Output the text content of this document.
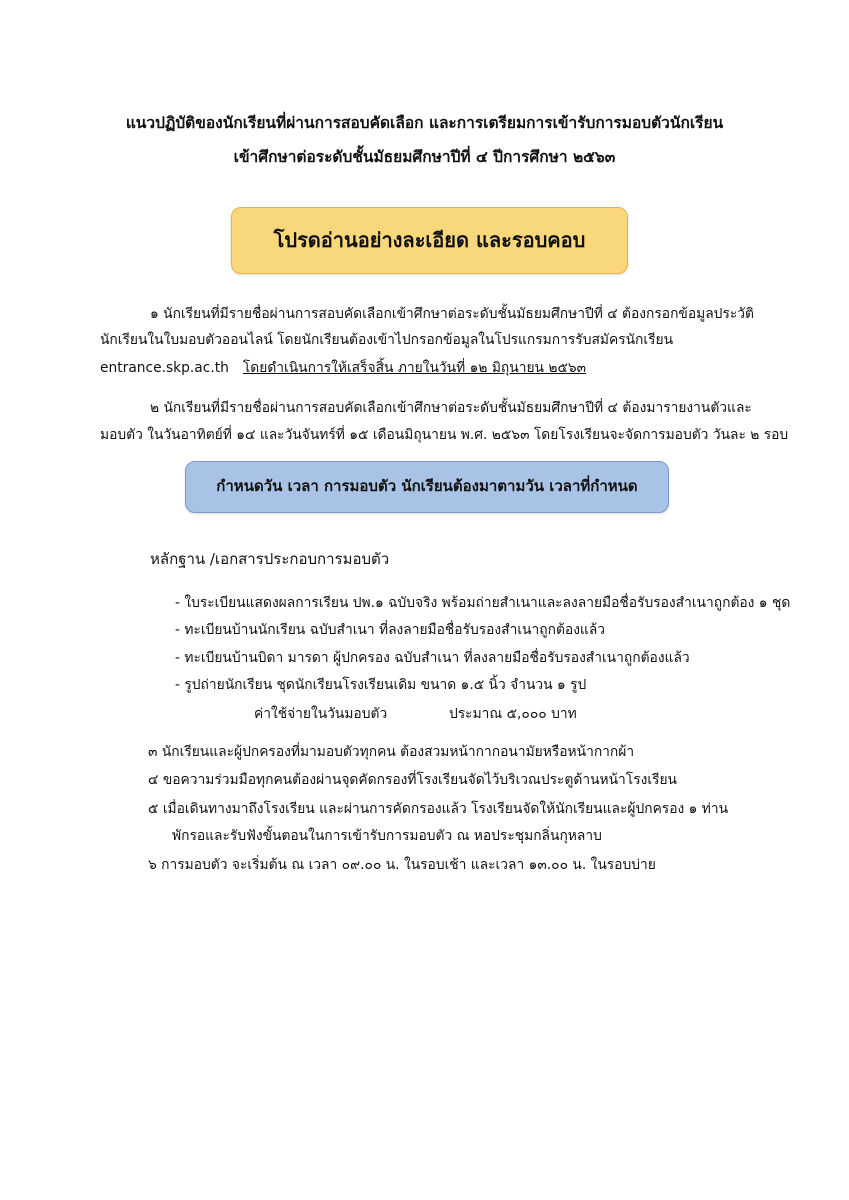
แนวปฏิบัติของนักเรียนที่ผ่านการสอบคัดเลือก และการเตรียมการเข้ารับการมอบตัวนักเรียน
เข้าศึกษาต่อระดับชั้นมัธยมศึกษาปีที่ ๔ ปีการศึกษา ๒๕๖๓
โปรดอ่านอย่างละเอียด และรอบคอบ
๑ นักเรียนที่มีรายชื่อผ่านการสอบคัดเลือกเข้าศึกษาต่อระดับชั้นมัธยมศึกษาปีที่ ๔ ต้องกรอกข้อมูลประวัติ
นักเรียนในใบมอบตัวออนไลน์ โดยนักเรียนต้องเข้าไปกรอกข้อมูลในโปรแกรมการรับสมัครนักเรียน
entrance.skp.ac.th โดยดำเนินการให้เสร็จสิ้น ภายในวันที่ ๑๒ มิถุนายน ๒๕๖๓
๒ นักเรียนที่มีรายชื่อผ่านการสอบคัดเลือกเข้าศึกษาต่อระดับชั้นมัธยมศึกษาปีที่ ๔ ต้องมารายงานตัวและ
มอบตัว ในวันอาทิตย์ที่ ๑๔ และวันจันทร์ที่ ๑๕ เดือนมิถุนายน พ.ศ. ๒๕๖๓ โดยโรงเรียนจะจัดการมอบตัว วันละ ๒ รอบ
กำหนดวัน เวลา การมอบตัว นักเรียนต้องมาตามวัน เวลาที่กำหนด
หลักฐาน /เอกสารประกอบการมอบตัว
- ใบระเบียนแสดงผลการเรียน ปพ.๑ ฉบับจริง พร้อมถ่ายสำเนาและลงลายมือชื่อรับรองสำเนาถูกต้อง ๑ ชุด
- ทะเบียนบ้านนักเรียน ฉบับสำเนา ที่ลงลายมือชื่อรับรองสำเนาถูกต้องแล้ว
- ทะเบียนบ้านบิดา มารดา ผู้ปกครอง ฉบับสำเนา ที่ลงลายมือชื่อรับรองสำเนาถูกต้องแล้ว
- รูปถ่ายนักเรียน ชุดนักเรียนโรงเรียนเดิม ขนาด ๑.๕ นิ้ว จำนวน ๑ รูป
ค่าใช้จ่ายในวันมอบตัว	ประมาณ ๕,๐๐๐ บาท
๓ นักเรียนและผู้ปกครองที่มามอบตัวทุกคน ต้องสวมหน้ากากอนามัยหรือหน้ากากผ้า
๔ ขอความร่วมมือทุกคนต้องผ่านจุดคัดกรองที่โรงเรียนจัดไว้บริเวณประตูด้านหน้าโรงเรียน
๕ เมื่อเดินทางมาถึงโรงเรียน และผ่านการคัดกรองแล้ว โรงเรียนจัดให้นักเรียนและผู้ปกครอง ๑ ท่าน
พักรอและรับฟังขั้นตอนในการเข้ารับการมอบตัว ณ หอประชุมกลิ่นกุหลาบ
๖ การมอบตัว จะเริ่มต้น ณ เวลา ๐๙.๐๐ น. ในรอบเช้า และเวลา ๑๓.๐๐ น. ในรอบบ่าย
